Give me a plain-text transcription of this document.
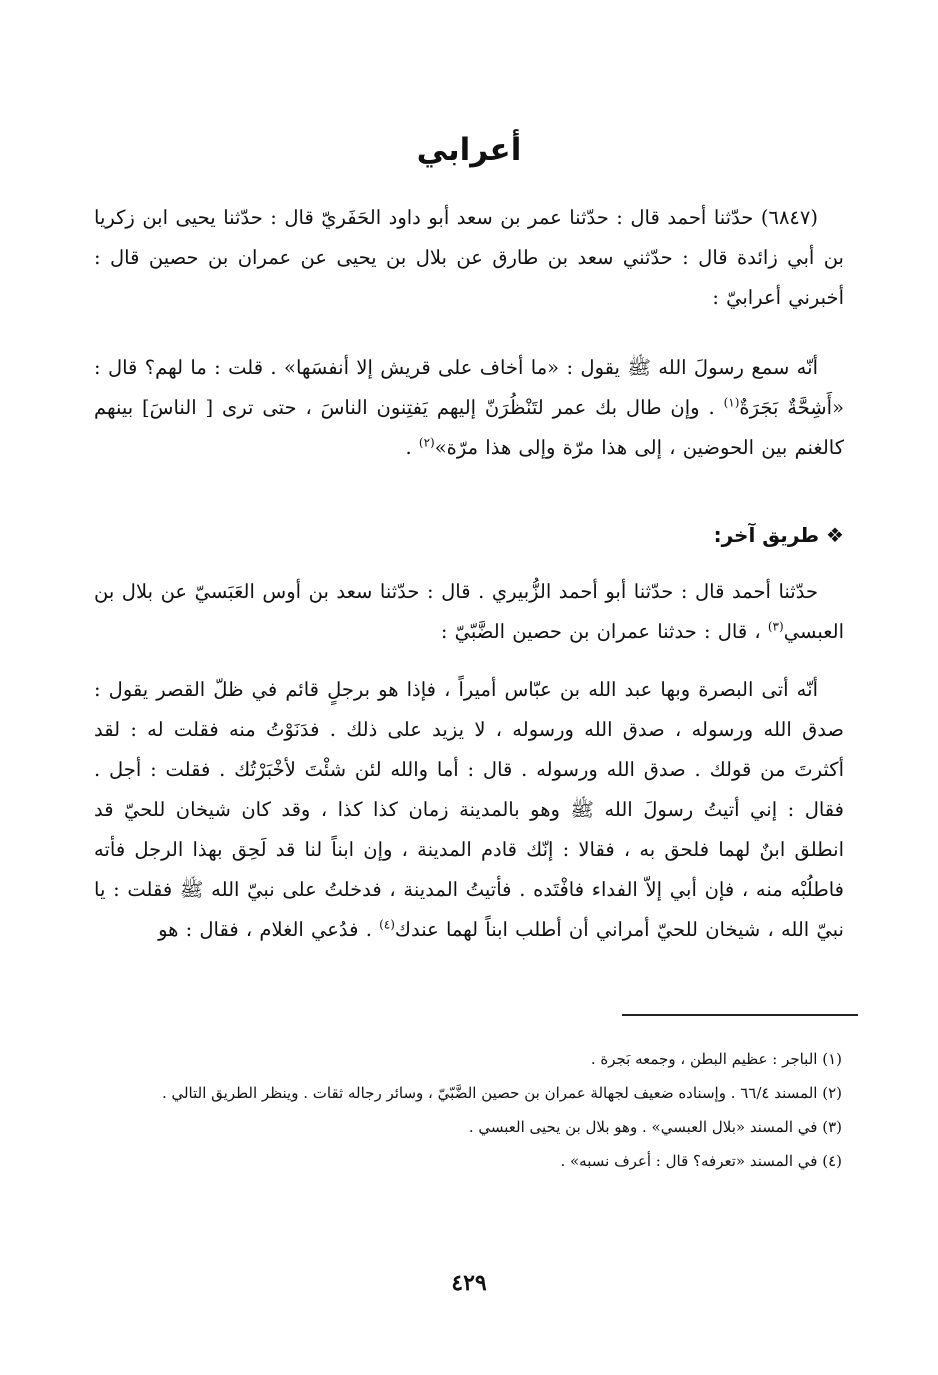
أعرابي

(٦٨٤٧) حدّثنا أحمد قال : حدّثنا عمر بن سعد أبو داود الحَفَريّ قال : حدّثنا يحيى ابن زكريا بن أبي زائدة قال : حدّثني سعد بن طارق عن بلال بن يحيى عن عمران بن حصين قال : أخبرني أعرابيّ :

أنّه سمع رسولَ الله ﷺ يقول : «ما أخاف على قريش إلا أنفسَها» . قلت : ما لهم؟ قال : «أَشِحَّةٌ بَجَرَةٌ$^{(١)}$ . وإن طال بك عمر لتَنْظُرَنّ إليهم يَفتِنون الناسَ ، حتى ترى [ الناسَ] بينهم كالغنم بين الحوضين ، إلى هذا مرّة وإلى هذا مرّة»$^{(٢)}$ .

❖ طريق آخر:

حدّثنا أحمد قال : حدّثنا أبو أحمد الزُّبيري . قال : حدّثنا سعد بن أوس العَبَسيّ عن بلال بن العبسي$^{(٣)}$ ، قال : حدثنا عمران بن حصين الضَّبّيّ :

أنّه أتى البصرة وبها عبد الله بن عبّاس أميراً ، فإذا هو برجلٍ قائم في ظلّ القصر يقول : صدق الله ورسوله ، صدق الله ورسوله ، لا يزيد على ذلك . فدَنَوْتُ منه فقلت له : لقد أكثرتَ من قولك . صدق الله ورسوله . قال : أما والله لئن شئْتَ لأخْبَرْتُك . فقلت : أجل . فقال : إني أتيتُ رسولَ الله ﷺ وهو بالمدينة زمان كذا كذا ، وقد كان شيخان للحيّ قد انطلق ابنٌ لهما فلحق به ، فقالا : إنّك قادم المدينة ، وإن ابناً لنا قد لَحِق بهذا الرجل فأته فاطلُبْه منه ، فإن أبي إلاّ الفداء فافْتَده . فأتيتُ المدينة ، فدخلتُ على نبيّ الله ﷺ فقلت : يا نبيّ الله ، شيخان للحيّ أمراني أن أطلب ابناً لهما عندك$^{(٤)}$ . فدُعي الغلام ، فقال : هو

(١) الباجر : عظيم البطن ، وجمعه بَجرة .

(٢) المسند ٦٦/٤ . وإسناده ضعيف لجهالة عمران بن حصين الضَّبّيّ ، وسائر رجاله ثقات . وينظر الطريق التالي .

(٣) في المسند «بلال العبسي» . وهو بلال بن يحيى العبسي .

(٤) في المسند «تعرفه؟ قال : أعرف نسبه» .

٤٢٩
